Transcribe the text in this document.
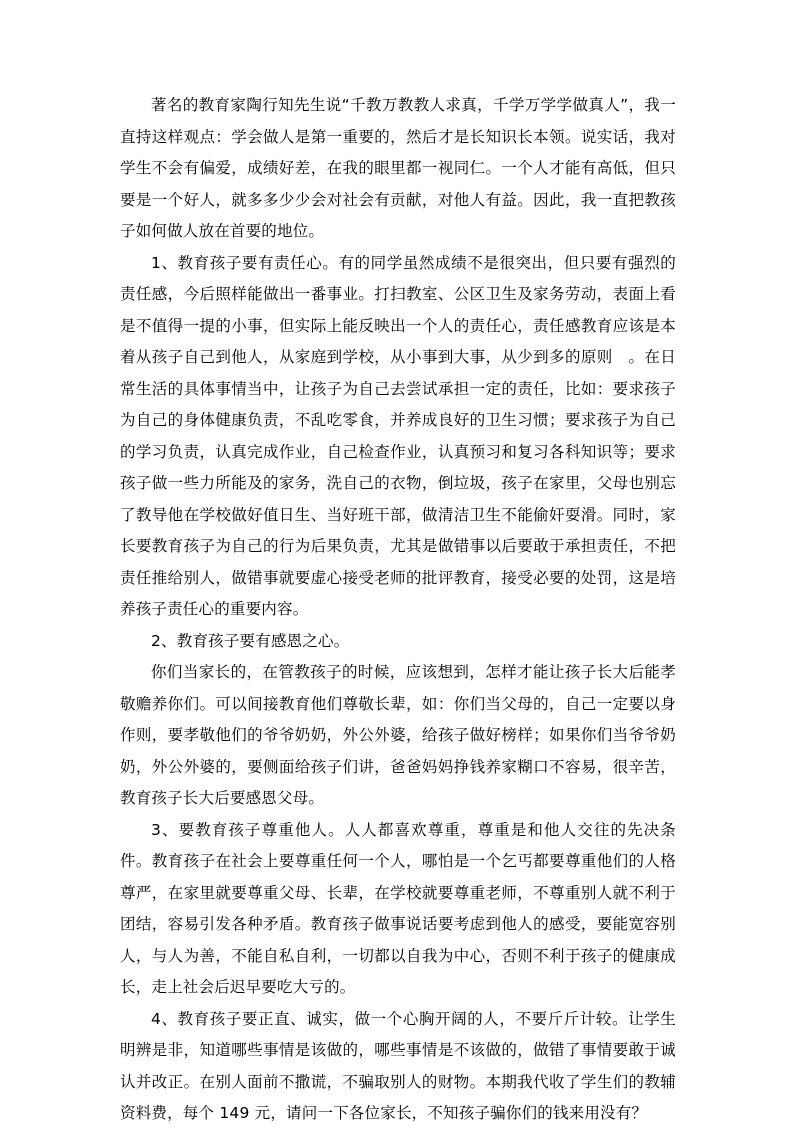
著名的教育家陶行知先生说“千教万教教人求真，千学万学学做真人”，我一直持这样观点：学会做人是第一重要的，然后才是长知识长本领。说实话，我对学生不会有偏爱，成绩好差，在我的眼里都一视同仁。一个人才能有高低，但只要是一个好人，就多多少少会对社会有贡献，对他人有益。因此，我一直把教孩子如何做人放在首要的地位。

1、教育孩子要有责任心。有的同学虽然成绩不是很突出，但只要有强烈的责任感，今后照样能做出一番事业。打扫教室、公区卫生及家务劳动，表面上看是不值得一提的小事，但实际上能反映出一个人的责任心，责任感教育应该是本着从孩子自己到他人，从家庭到学校，从小事到大事，从少到多的原则　。在日常生活的具体事情当中，让孩子为自己去尝试承担一定的责任，比如：要求孩子为自己的身体健康负责，不乱吃零食，并养成良好的卫生习惯；要求孩子为自己的学习负责，认真完成作业，自己检查作业，认真预习和复习各科知识等；要求孩子做一些力所能及的家务，洗自己的衣物，倒垃圾，孩子在家里，父母也别忘了教导他在学校做好值日生、当好班干部，做清洁卫生不能偷奸耍滑。同时，家长要教育孩子为自己的行为后果负责，尤其是做错事以后要敢于承担责任，不把责任推给别人，做错事就要虚心接受老师的批评教育，接受必要的处罚，这是培养孩子责任心的重要内容。

2、教育孩子要有感恩之心。

你们当家长的，在管教孩子的时候，应该想到，怎样才能让孩子长大后能孝敬赡养你们。可以间接教育他们尊敬长辈，如：你们当父母的，自己一定要以身作则，要孝敬他们的爷爷奶奶，外公外婆，给孩子做好榜样；如果你们当爷爷奶奶，外公外婆的，要侧面给孩子们讲，爸爸妈妈挣钱养家糊口不容易，很辛苦，教育孩子长大后要感恩父母。

3、要教育孩子尊重他人。人人都喜欢尊重，尊重是和他人交往的先决条件。教育孩子在社会上要尊重任何一个人，哪怕是一个乞丐都要尊重他们的人格尊严，在家里就要尊重父母、长辈，在学校就要尊重老师，不尊重别人就不利于团结，容易引发各种矛盾。教育孩子做事说话要考虑到他人的感受，要能宽容别人，与人为善，不能自私自利，一切都以自我为中心，否则不利于孩子的健康成长，走上社会后迟早要吃大亏的。

4、教育孩子要正直、诚实，做一个心胸开阔的人，不要斤斤计较。让学生明辨是非，知道哪些事情是该做的，哪些事情是不该做的，做错了事情要敢于诚认并改正。在别人面前不撒谎，不骗取别人的财物。本期我代收了学生们的教辅资料费，每个 149 元，请问一下各位家长，不知孩子骗你们的钱来用没有？
